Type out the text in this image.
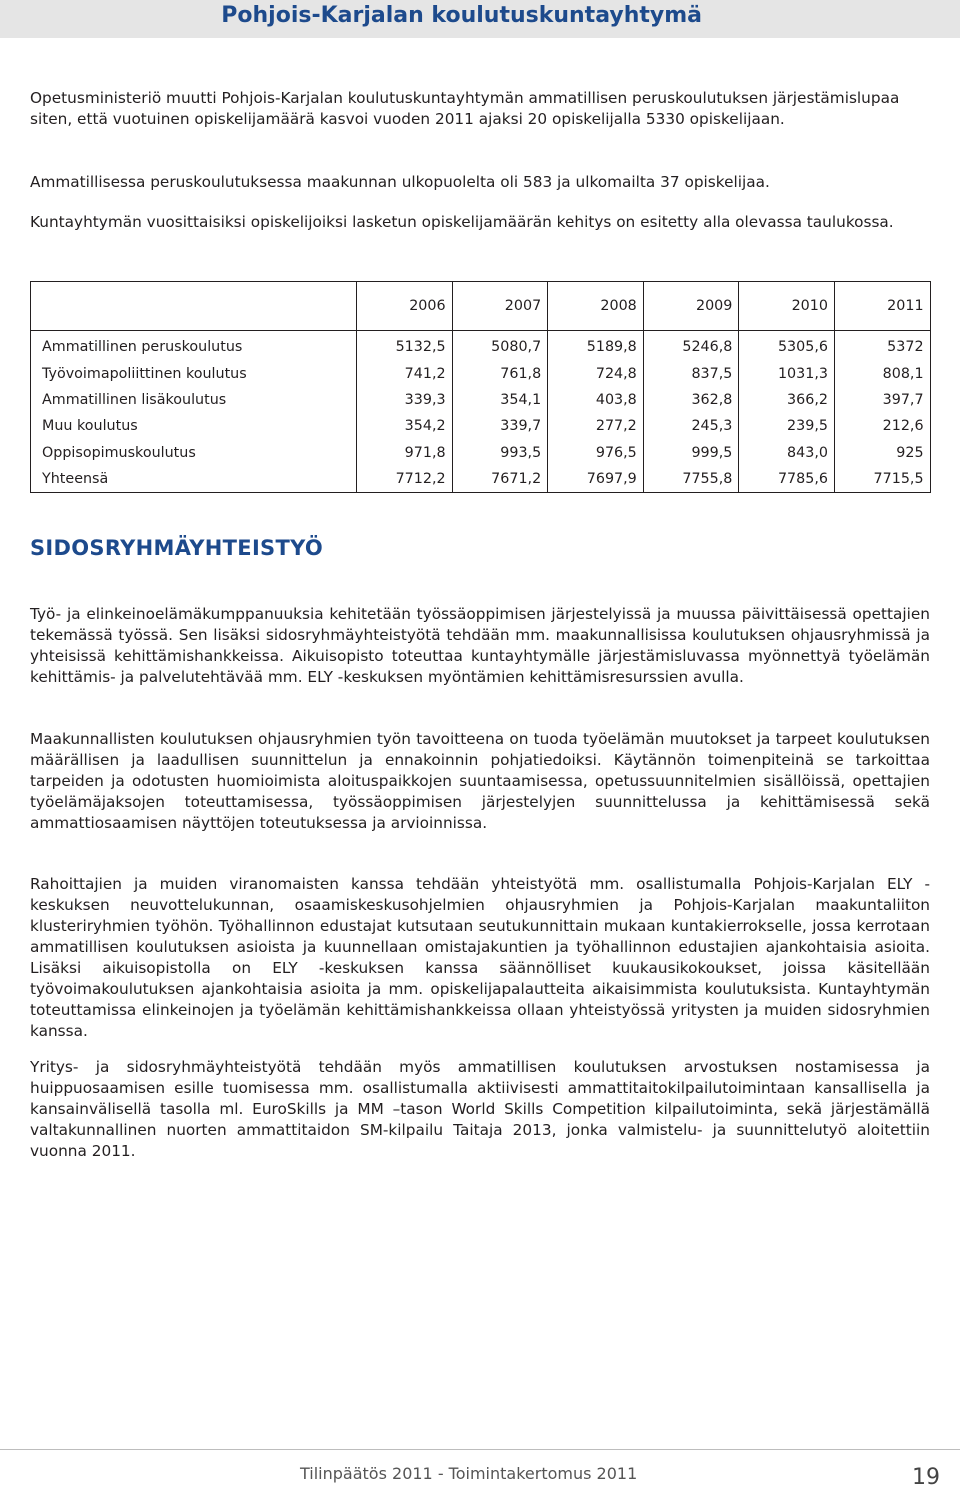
Pohjois-Karjalan koulutuskuntayhtymä

Opetusministeriö muutti Pohjois-Karjalan koulutuskuntayhtymän ammatillisen peruskoulutuksen järjestämislupaa siten, että vuotuinen opiskelijamäärä kasvoi vuoden 2011 ajaksi 20 opiskelijalla 5330 opiskelijaan.

Ammatillisessa peruskoulutuksessa maakunnan ulkopuolelta oli 583 ja ulkomailta 37 opiskelijaa.

Kuntayhtymän vuosittaisiksi opiskelijoiksi lasketun opiskelijamäärän kehitys on esitetty alla olevassa taulukossa.

	2006	2007	2008	2009	2010	2011
Ammatillinen peruskoulutus	5132,5	5080,7	5189,8	5246,8	5305,6	5372
Työvoimapoliittinen koulutus	741,2	761,8	724,8	837,5	1031,3	808,1
Ammatillinen lisäkoulutus	339,3	354,1	403,8	362,8	366,2	397,7
Muu koulutus	354,2	339,7	277,2	245,3	239,5	212,6
Oppisopimuskoulutus	971,8	993,5	976,5	999,5	843,0	925
Yhteensä	7712,2	7671,2	7697,9	7755,8	7785,6	7715,5
SIDOSRYHMÄYHTEISTYÖ

Työ- ja elinkeinoelämäkumppanuuksia kehitetään työssäoppimisen järjestelyissä ja muussa päivittäisessä opettajien tekemässä työssä. Sen lisäksi sidosryhmäyhteistyötä tehdään mm. maakunnallisissa koulutuksen ohjausryhmissä ja yhteisissä kehittämishankkeissa. Aikuisopisto toteuttaa kuntayhtymälle järjestämisluvassa myönnettyä työelämän kehittämis- ja palvelutehtävää mm. ELY -keskuksen myöntämien kehittämisresurssien avulla.

Maakunnallisten koulutuksen ohjausryhmien työn tavoitteena on tuoda työelämän muutokset ja tarpeet koulutuksen määrällisen ja laadullisen suunnittelun ja ennakoinnin pohjatiedoiksi. Käytännön toimenpiteinä se tarkoittaa tarpeiden ja odotusten huomioimista aloituspaikkojen suuntaamisessa, opetussuunnitelmien sisällöissä, opettajien työelämäjaksojen toteuttamisessa, työssäoppimisen järjestelyjen suunnittelussa ja kehittämisessä sekä ammattiosaamisen näyttöjen toteutuksessa ja arvioinnissa.

Rahoittajien ja muiden viranomaisten kanssa tehdään yhteistyötä mm. osallistumalla Pohjois-Karjalan ELY -keskuksen neuvottelukunnan, osaamiskeskusohjelmien ohjausryhmien ja Pohjois-Karjalan maakuntaliiton klusteriryhmien työhön. Työhallinnon edustajat kutsutaan seutukunnittain mukaan kuntakierrokselle, jossa kerrotaan ammatillisen koulutuksen asioista ja kuunnellaan omistajakuntien ja työhallinnon edustajien ajankohtaisia asioita. Lisäksi aikuisopistolla on ELY -keskuksen kanssa säännölliset kuukausikokoukset, joissa käsitellään työvoimakoulutuksen ajankohtaisia asioita ja mm. opiskelijapalautteita aikaisimmista koulutuksista. Kuntayhtymän toteuttamissa elinkeinojen ja työelämän kehittämishankkeissa ollaan yhteistyössä yritysten ja muiden sidosryhmien kanssa.

Yritys- ja sidosryhmäyhteistyötä tehdään myös ammatillisen koulutuksen arvostuksen nostamisessa ja huippuosaamisen esille tuomisessa mm. osallistumalla aktiivisesti ammattitaitokilpailutoimintaan kansallisella ja kansainvälisellä tasolla ml. EuroSkills ja MM –tason World Skills Competition kilpailutoiminta, sekä järjestämällä valtakunnallinen nuorten ammattitaidon SM-kilpailu Taitaja 2013, jonka valmistelu- ja suunnittelutyö aloitettiin vuonna 2011.

Tilinpäätös 2011 - Toimintakertomus 2011	19
